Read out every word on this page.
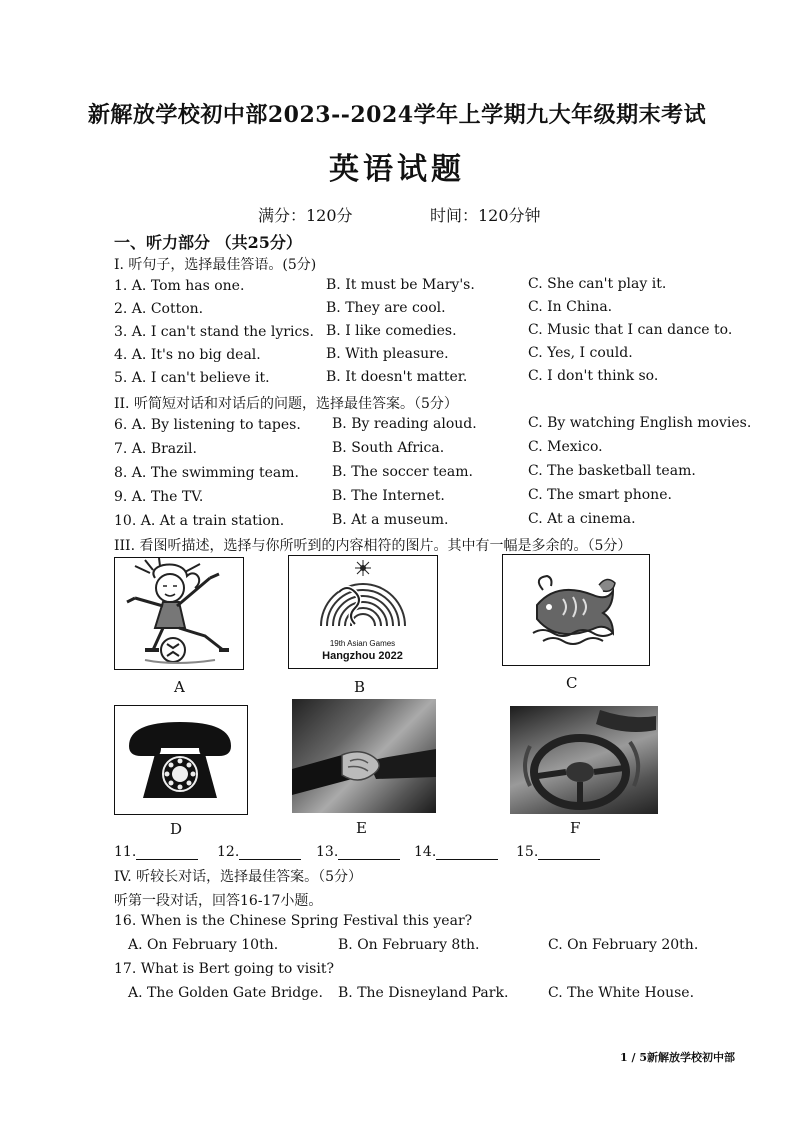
新解放学校初中部2023--2024学年上学期九大年级期末考试
英语试题
满分：120分	时间：120分钟
一、听力部分 （共25分）
I. 听句子，选择最佳答语。(5分)
1. A. Tom has one.	B. It must be Mary's.	C. She can't play it.
2. A. Cotton.	B. They are cool.	C. In China.
3. A. I can't stand the lyrics. B. I like comedies.	C. Music that I can dance to.
4. A. It's no big deal.	B. With pleasure.	C. Yes, I could.
5. A. I can't believe it.	B. It doesn't matter.	C. I don't think so.
II. 听简短对话和对话后的问题，选择最佳答案。（5分）
6. A. By listening to tapes. B. By reading aloud.	C. By watching English movies.
7. A. Brazil.	B. South Africa.	C. Mexico.
8. A. The swimming team. B. The soccer team.	C. The basketball team.
9. A. The TV.	B. The Internet.	C. The smart phone.
10. A. At a train station.	B. At a museum.	C. At a cinema.
III. 看图听描述，选择与你所听到的内容相符的图片。其中有一幅是多余的。（5分）
A
19th Asian Games
Hangzhou 2022
B	C
D	E	F
11.	12.	13.	14.	15.
IV. 听较长对话，选择最佳答案。（5分）
听第一段对话，回答16-17小题。
16. When is the Chinese Spring Festival this year?
A. On February 10th.	B. On February 8th.	C. On February 20th.
17. What is Bert going to visit?
A. The Golden Gate Bridge. B. The Disneyland Park.	C. The White House.
1 / 5新解放学校初中部
